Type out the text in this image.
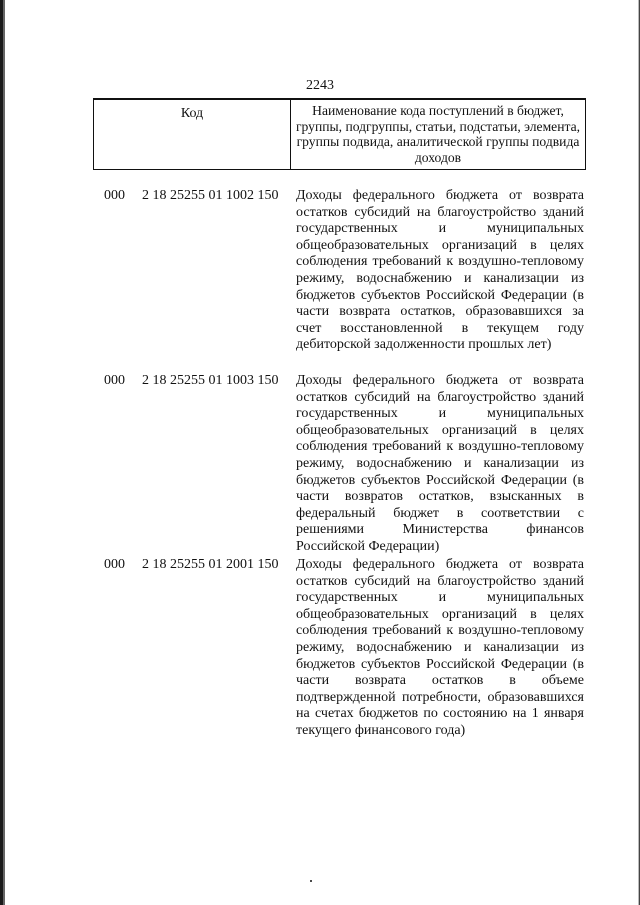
2243
Код	Наименование кода поступлений в бюджет, группы, подгруппы, статьи, подстатьи, элемента, группы подвида, аналитической группы подвида доходов
000 2 18 25255 01 1002 150 Доходы федерального бюджета от возврата остатков субсидий на благоустройство зданий государственных и муниципальных общеобразовательных организаций в целях соблюдения требований к воздушно-тепловому режиму, водоснабжению и канализации из бюджетов субъектов Российской Федерации (в части возврата остатков, образовавшихся за счет восстановленной в текущем году дебиторской задолженности прошлых лет)
000 2 18 25255 01 1003 150 Доходы федерального бюджета от возврата остатков субсидий на благоустройство зданий государственных и муниципальных общеобразовательных организаций в целях соблюдения требований к воздушно-тепловому режиму, водоснабжению и канализации из бюджетов субъектов Российской Федерации (в части возвратов остатков, взысканных в федеральный бюджет в соответствии с решениями Министерства финансов Российской Федерации)
000 2 18 25255 01 2001 150 Доходы федерального бюджета от возврата остатков субсидий на благоустройство зданий государственных и муниципальных общеобразовательных организаций в целях соблюдения требований к воздушно-тепловому режиму, водоснабжению и канализации из бюджетов субъектов Российской Федерации (в части возврата остатков в объеме подтвержденной потребности, образовавшихся на счетах бюджетов по состоянию на 1 января текущего финансового года)
